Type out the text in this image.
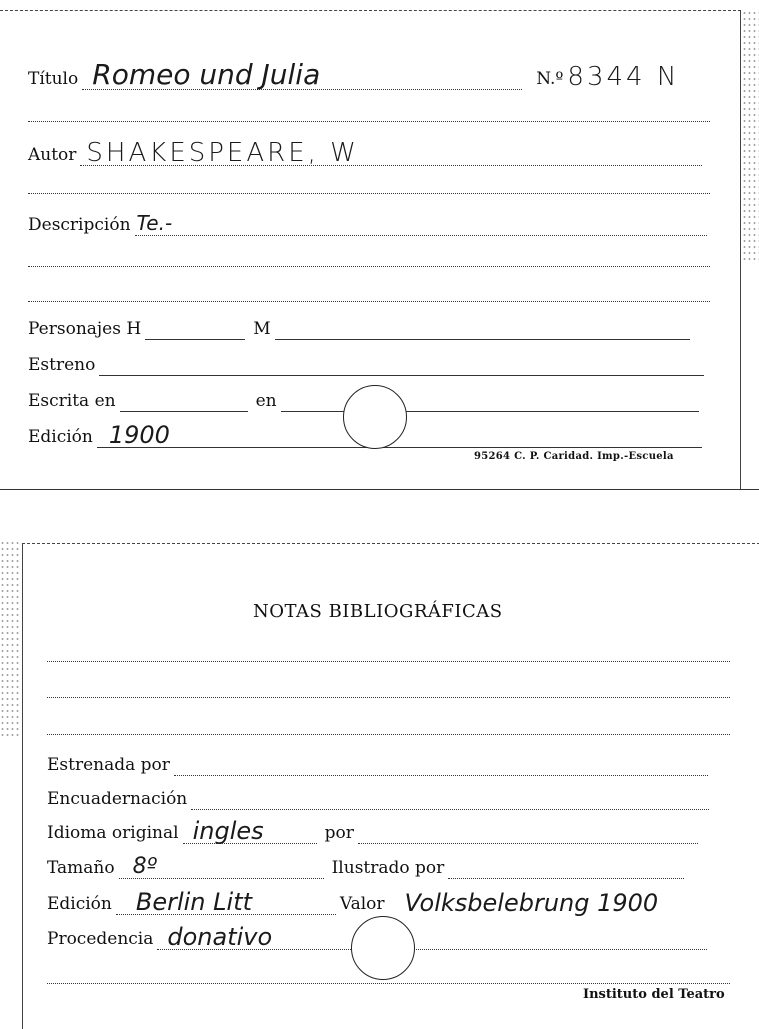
Título Romeo und Julia	N.º 8344 N
Autor SHAKESPEARE, W
Descripción Te.-
Personajes H	M
Estreno
Escrita en	en
Edición 1900
95264 C. P. Caridad. Imp.-Escuela
NOTAS BIBLIOGRÁFICAS
Estrenada por
Encuadernación
Idioma original ingles	por
Tamaño 8º	Ilustrado por
Edición Berlin Litt	Valor Volksbelebrung 1900
Procedencia donativo
Instituto del Teatro
